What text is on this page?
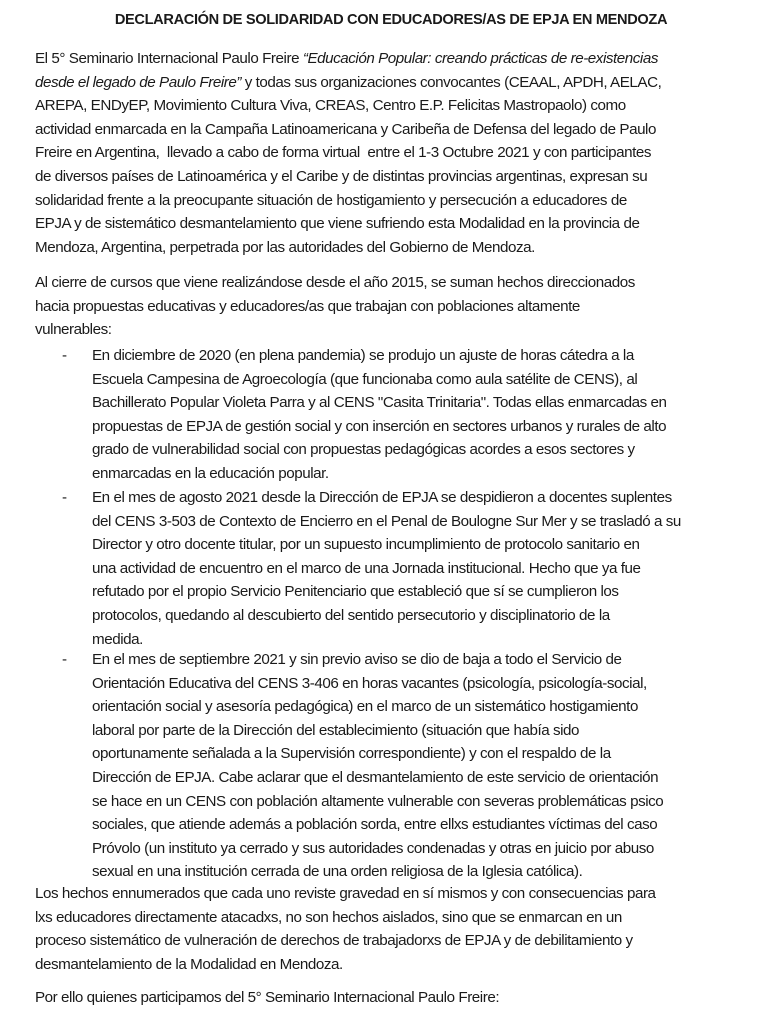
DECLARACIÓN DE SOLIDARIDAD CON EDUCADORES/AS DE EPJA EN MENDOZA
El 5° Seminario Internacional Paulo Freire “Educación Popular: creando prácticas de re-existencias
desde el legado de Paulo Freire” y todas sus organizaciones convocantes (CEAAL, APDH, AELAC,
AREPA, ENDyEP, Movimiento Cultura Viva, CREAS, Centro E.P. Felicitas Mastropaolo) como
actividad enmarcada en la Campaña Latinoamericana y Caribeña de Defensa del legado de Paulo
Freire en Argentina,  llevado a cabo de forma virtual  entre el 1-3 Octubre 2021 y con participantes
de diversos países de Latinoamérica y el Caribe y de distintas provincias argentinas, expresan su
solidaridad frente a la preocupante situación de hostigamiento y persecución a educadores de
EPJA y de sistemático desmantelamiento que viene sufriendo esta Modalidad en la provincia de
Mendoza, Argentina, perpetrada por las autoridades del Gobierno de Mendoza.
Al cierre de cursos que viene realizándose desde el año 2015, se suman hechos direccionados
hacia propuestas educativas y educadores/as que trabajan con poblaciones altamente
vulnerables:
- En diciembre de 2020 (en plena pandemia) se produjo un ajuste de horas cátedra a la
Escuela Campesina de Agroecología (que funcionaba como aula satélite de CENS), al
Bachillerato Popular Violeta Parra y al CENS "Casita Trinitaria". Todas ellas enmarcadas en
propuestas de EPJA de gestión social y con inserción en sectores urbanos y rurales de alto
grado de vulnerabilidad social con propuestas pedagógicas acordes a esos sectores y
enmarcadas en la educación popular.
- En el mes de agosto 2021 desde la Dirección de EPJA se despidieron a docentes suplentes
del CENS 3-503 de Contexto de Encierro en el Penal de Boulogne Sur Mer y se trasladó a su
Director y otro docente titular, por un supuesto incumplimiento de protocolo sanitario en
una actividad de encuentro en el marco de una Jornada institucional. Hecho que ya fue
refutado por el propio Servicio Penitenciario que estableció que sí se cumplieron los
protocolos, quedando al descubierto del sentido persecutorio y disciplinatorio de la
medida.
- En el mes de septiembre 2021 y sin previo aviso se dio de baja a todo el Servicio de
Orientación Educativa del CENS 3-406 en horas vacantes (psicología, psicología-social,
orientación social y asesoría pedagógica) en el marco de un sistemático hostigamiento
laboral por parte de la Dirección del establecimiento (situación que había sido
oportunamente señalada a la Supervisión correspondiente) y con el respaldo de la
Dirección de EPJA. Cabe aclarar que el desmantelamiento de este servicio de orientación
se hace en un CENS con población altamente vulnerable con severas problemáticas psico
sociales, que atiende además a población sorda, entre ellxs estudiantes víctimas del caso
Próvolo (un instituto ya cerrado y sus autoridades condenadas y otras en juicio por abuso
sexual en una institución cerrada de una orden religiosa de la Iglesia católica).
Los hechos ennumerados que cada uno reviste gravedad en sí mismos y con consecuencias para
lxs educadores directamente atacadxs, no son hechos aislados, sino que se enmarcan en un
proceso sistemático de vulneración de derechos de trabajadorxs de EPJA y de debilitamiento y
desmantelamiento de la Modalidad en Mendoza.
Por ello quienes participamos del 5° Seminario Internacional Paulo Freire:
